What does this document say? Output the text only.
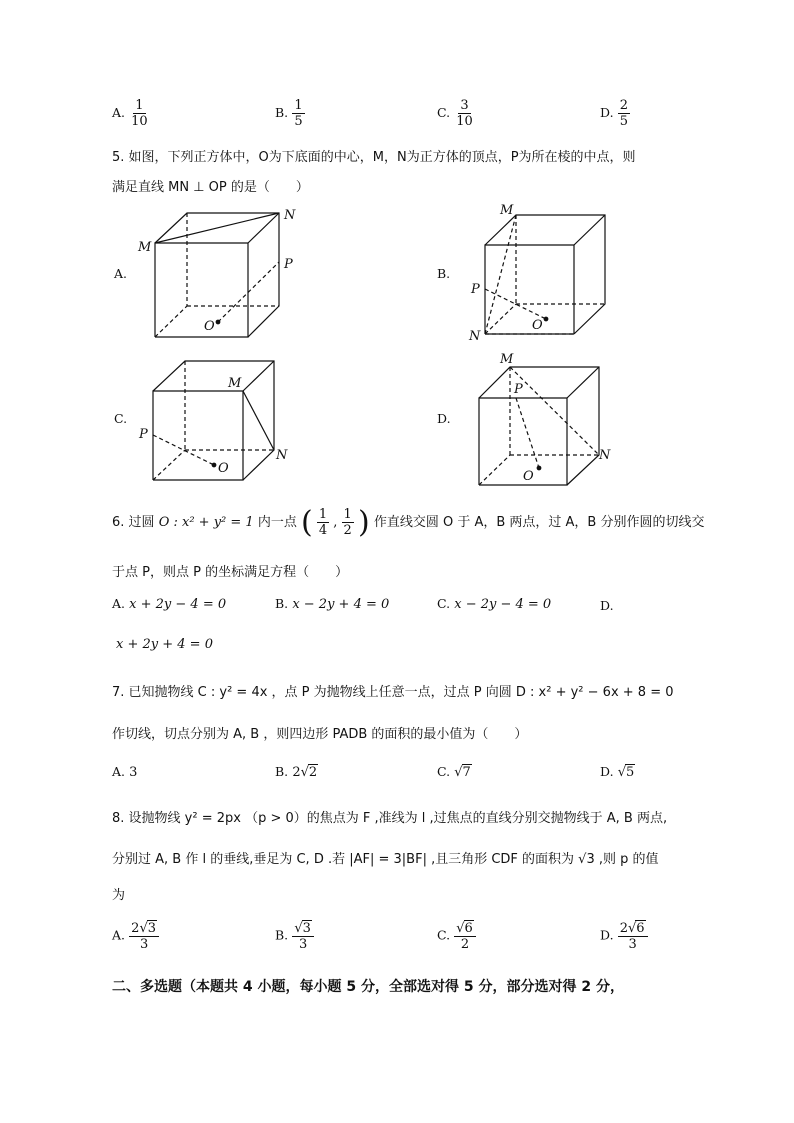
A. $\frac{1}{10}$	B. $\frac{1}{5}$	C. $\frac{3}{10}$	D. $\frac{2}{5}$
5. 如图，下列正方体中，O为下底面的中心，M，N为正方体的顶点，P为所在棱的中点，则
满足直线 MN ⊥ OP 的是（　　）
A.	B.
C.	D.
M
N
P
O
M
P
N
O
M
P
N
O
M
P
N
O
6. 过圆 O : x² + y² = 1 内一点 ( $\frac{1}{4}$ , $\frac{1}{2}$ ) 作直线交圆 O 于 A，B 两点，过 A，B 分别作圆的切线交
于点 P，则点 P 的坐标满足方程（　　）
A. x + 2y − 4 = 0	B. x − 2y + 4 = 0	C. x − 2y − 4 = 0	D.
x + 2y + 4 = 0
7. 已知抛物线 C : y² = 4x ，点 P 为抛物线上任意一点，过点 P 向圆 D : x² + y² − 6x + 8 = 0
作切线，切点分别为 A, B ，则四边形 PADB 的面积的最小值为（　　）
A. 3	B. 2√2	C. √7	D. √5
8. 设抛物线 y² = 2px （p > 0）的焦点为 F ,准线为 l ,过焦点的直线分别交抛物线于 A, B 两点,
分别过 A, B 作 l 的垂线,垂足为 C, D .若 |AF| = 3|BF| ,且三角形 CDF 的面积为 √3 ,则 p 的值
为
A. $\frac{2√3}{3}$	B. $\frac{√3}{3}$	C. $\frac{√6}{2}$	D. $\frac{2√6}{3}$
二、多选题（本题共 4 小题，每小题 5 分，全部选对得 5 分，部分选对得 2 分，
